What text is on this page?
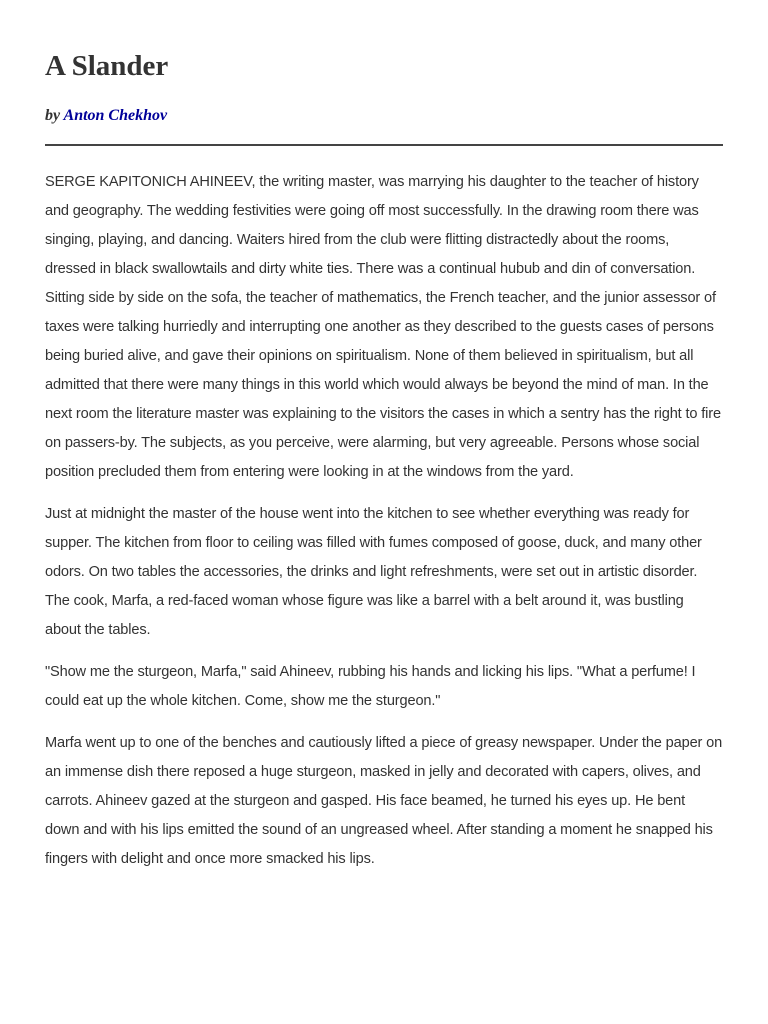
A Slander

by Anton Chekhov

SERGE KAPITONICH AHINEEV, the writing master, was marrying his daughter to the teacher of history and geography. The wedding festivities were going off most successfully. In the drawing room there was singing, playing, and dancing. Waiters hired from the club were flitting distractedly about the rooms, dressed in black swallowtails and dirty white ties. There was a continual hubub and din of conversation. Sitting side by side on the sofa, the teacher of mathematics, the French teacher, and the junior assessor of taxes were talking hurriedly and interrupting one another as they described to the guests cases of persons being buried alive, and gave their opinions on spiritualism. None of them believed in spiritualism, but all admitted that there were many things in this world which would always be beyond the mind of man. In the next room the literature master was explaining to the visitors the cases in which a sentry has the right to fire on passers-by. The subjects, as you perceive, were alarming, but very agreeable. Persons whose social position precluded them from entering were looking in at the windows from the yard.

Just at midnight the master of the house went into the kitchen to see whether everything was ready for supper. The kitchen from floor to ceiling was filled with fumes composed of goose, duck, and many other odors. On two tables the accessories, the drinks and light refreshments, were set out in artistic disorder. The cook, Marfa, a red-faced woman whose figure was like a barrel with a belt around it, was bustling about the tables.

"Show me the sturgeon, Marfa," said Ahineev, rubbing his hands and licking his lips. "What a perfume! I could eat up the whole kitchen. Come, show me the sturgeon."

Marfa went up to one of the benches and cautiously lifted a piece of greasy newspaper. Under the paper on an immense dish there reposed a huge sturgeon, masked in jelly and decorated with capers, olives, and carrots. Ahineev gazed at the sturgeon and gasped. His face beamed, he turned his eyes up. He bent down and with his lips emitted the sound of an ungreased wheel. After standing a moment he snapped his fingers with delight and once more smacked his lips.
